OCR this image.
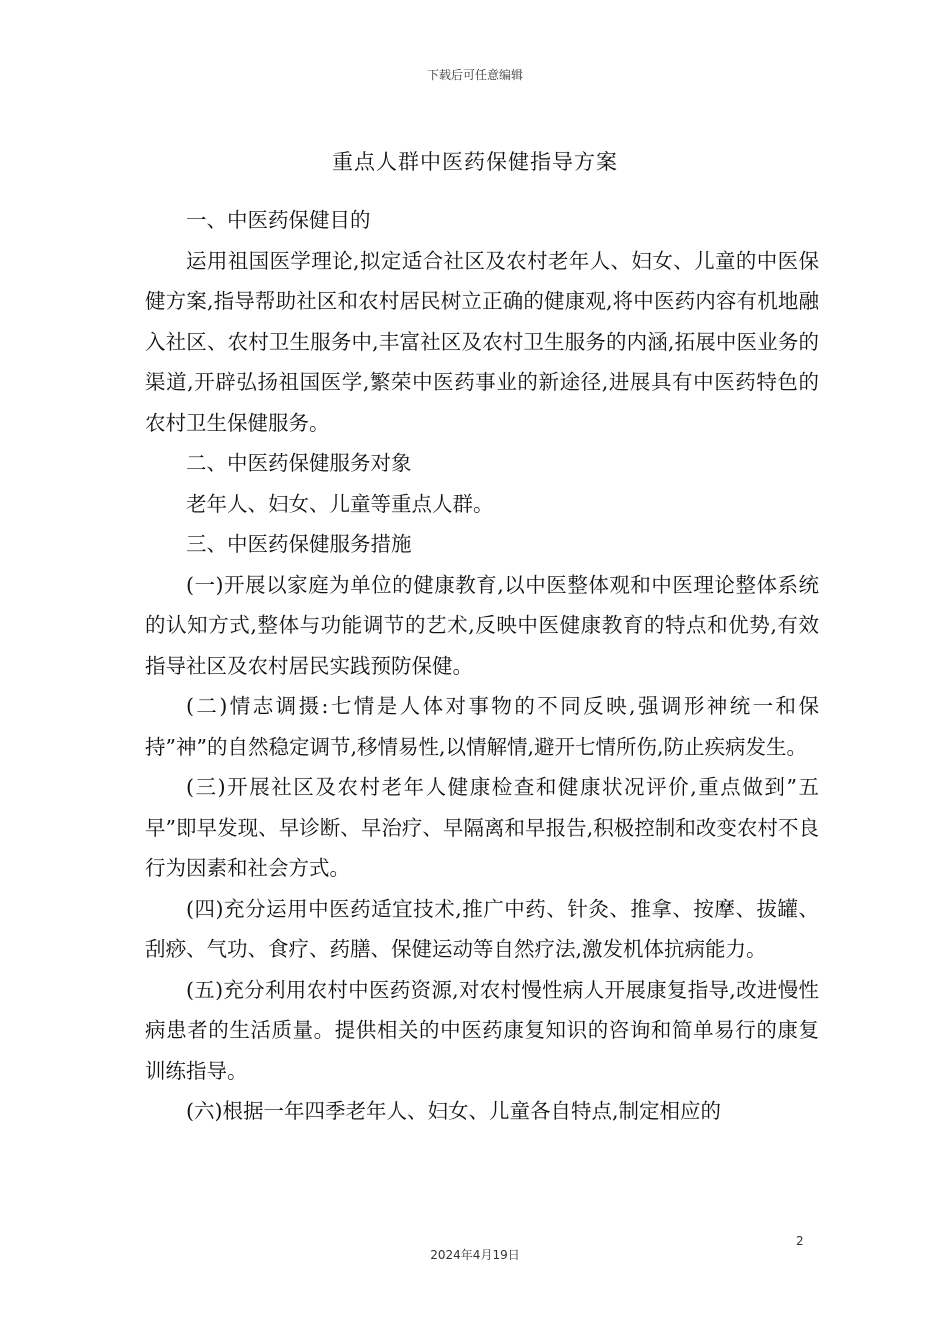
下载后可任意编辑
重点人群中医药保健指导方案

一、中医药保健目的

运用祖国医学理论,拟定适合社区及农村老年人、妇女、儿童的中医保健方案,指导帮助社区和农村居民树立正确的健康观,将中医药内容有机地融入社区、农村卫生服务中,丰富社区及农村卫生服务的内涵,拓展中医业务的渠道,开辟弘扬祖国医学,繁荣中医药事业的新途径,进展具有中医药特色的农村卫生保健服务。

二、中医药保健服务对象

老年人、妇女、儿童等重点人群。

三、中医药保健服务措施

(一)开展以家庭为单位的健康教育,以中医整体观和中医理论整体系统的认知方式,整体与功能调节的艺术,反映中医健康教育的特点和优势,有效指导社区及农村居民实践预防保健。

(二)情志调摄:七情是人体对事物的不同反映,强调形神统一和保持”神”的自然稳定调节,移情易性,以情解情,避开七情所伤,防止疾病发生。

(三)开展社区及农村老年人健康检查和健康状况评价,重点做到”五早”即早发现、早诊断、早治疗、早隔离和早报告,积极控制和改变农村不良行为因素和社会方式。

(四)充分运用中医药适宜技术,推广中药、针灸、推拿、按摩、拔罐、刮痧、气功、食疗、药膳、保健运动等自然疗法,激发机体抗病能力。

(五)充分利用农村中医药资源,对农村慢性病人开展康复指导,改进慢性病患者的生活质量。提供相关的中医药康复知识的咨询和简单易行的康复训练指导。

(六)根据一年四季老年人、妇女、儿童各自特点,制定相应的

2
2024年4月19日
